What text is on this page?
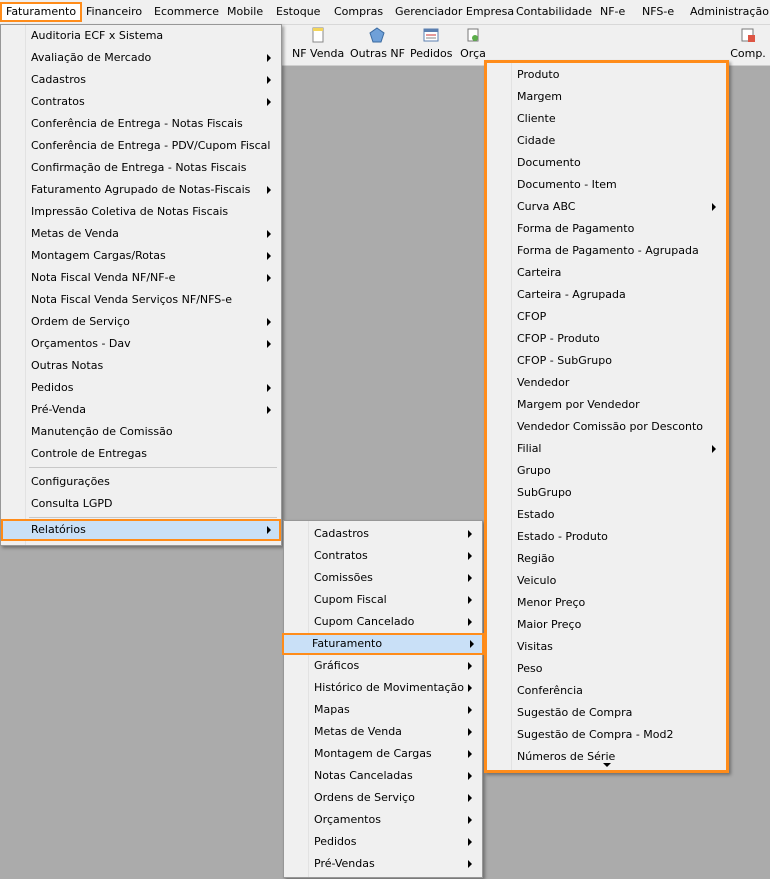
Faturamento Financeiro	Ecommerce Mobile	Estoque	Compras	Gerenciador Empresa Contabilidade NF-e	NFS-e	Administração
NF Venda Outras NF Pedidos Orça	Comp.
Auditoria ECF x Sistema
Avaliação de Mercado
Cadastros
Contratos
Conferência de Entrega - Notas Fiscais
Conferência de Entrega - PDV/Cupom Fiscal
Confirmação de Entrega - Notas Fiscais
Faturamento Agrupado de Notas-Fiscais
Impressão Coletiva de Notas Fiscais
Metas de Venda
Montagem Cargas/Rotas
Nota Fiscal Venda NF/NF-e
Nota Fiscal Venda Serviços NF/NFS-e
Ordem de Serviço
Orçamentos - Dav
Outras Notas
Pedidos
Pré-Venda
Manutenção de Comissão
Controle de Entregas
Configurações
Consulta LGPD
Relatórios	Cadastros
Contratos
Comissões
Cupom Fiscal
Cupom Cancelado
Faturamento
Gráficos
Histórico de Movimentação
Mapas
Metas de Venda
Montagem de Cargas
Notas Canceladas
Ordens de Serviço
Orçamentos
Pedidos
Pré-Vendas
Produto
Margem
Cliente
Cidade
Documento
Documento - Item
Curva ABC
Forma de Pagamento
Forma de Pagamento - Agrupada
Carteira
Carteira - Agrupada
CFOP
CFOP - Produto
CFOP - SubGrupo
Vendedor
Margem por Vendedor
Vendedor Comissão por Desconto
Filial
Grupo
SubGrupo
Estado
Estado - Produto
Região
Veiculo
Menor Preço
Maior Preço
Visitas
Peso
Conferência
Sugestão de Compra
Sugestão de Compra - Mod2
Números de Série
